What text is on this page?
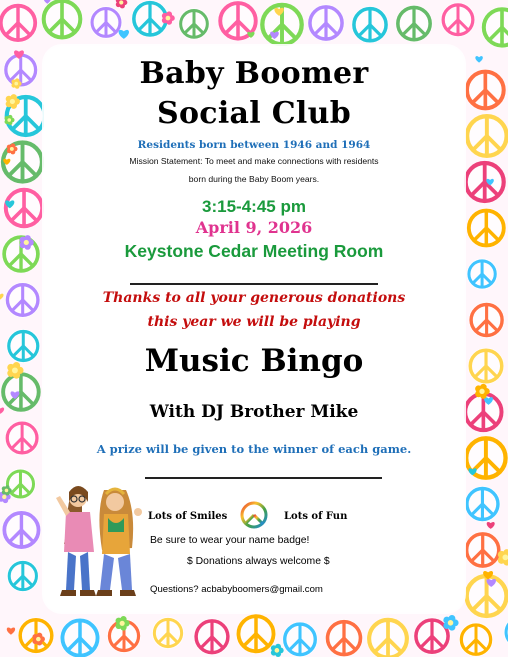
Baby Boomer
Social Club
Residents born between 1946 and 1964
Mission Statement: To meet and make connections with residents
born during the Baby Boom years.
3:15-4:45 pm
April 9, 2026
Keystone Cedar Meeting Room
Thanks to all your generous donations
this year we will be playing
Music Bingo
With DJ Brother Mike
A prize will be given to the winner of each game.
Lots of Smiles	Lots of Fun
Be sure to wear your name badge!
$ Donations always welcome $
Questions? acbabyboomers@gmail.com
